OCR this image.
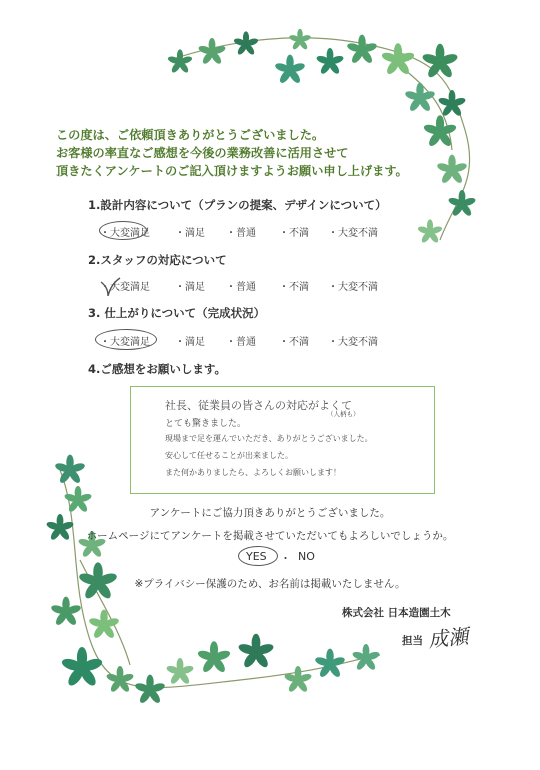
この度は、ご依頼頂きありがとうございました。
お客様の率直なご感想を今後の業務改善に活用させて
頂きたくアンケートのご記入頂けますようお願い申し上げます。
1.設計内容について（プランの提案、デザインについて）
・大変満足	・満足 ・普通 ・不満 ・大変不満
2.スタッフの対応について
・大変満足	・満足 ・普通 ・不満 ・大変不満
3. 仕上がりについて（完成状況）
・大変満足	・満足 ・普通 ・不満 ・大変不満
4.ご感想をお願いします。
社長、従業員の皆さんの対応がよくて
（人柄も）
とても驚きました。
現場まで足を運んでいただき、ありがとうございました。
安心して任せることが出来ました。
また何かありましたら、よろしくお願いします！
アンケートにご協力頂きありがとうございました。
ホームページにてアンケートを掲載させていただいてもよろしいでしょうか。
YES ・ NO
※プライバシー保護のため、お名前は掲載いたしません。
株式会社 日本造園土木
担当 成瀬
